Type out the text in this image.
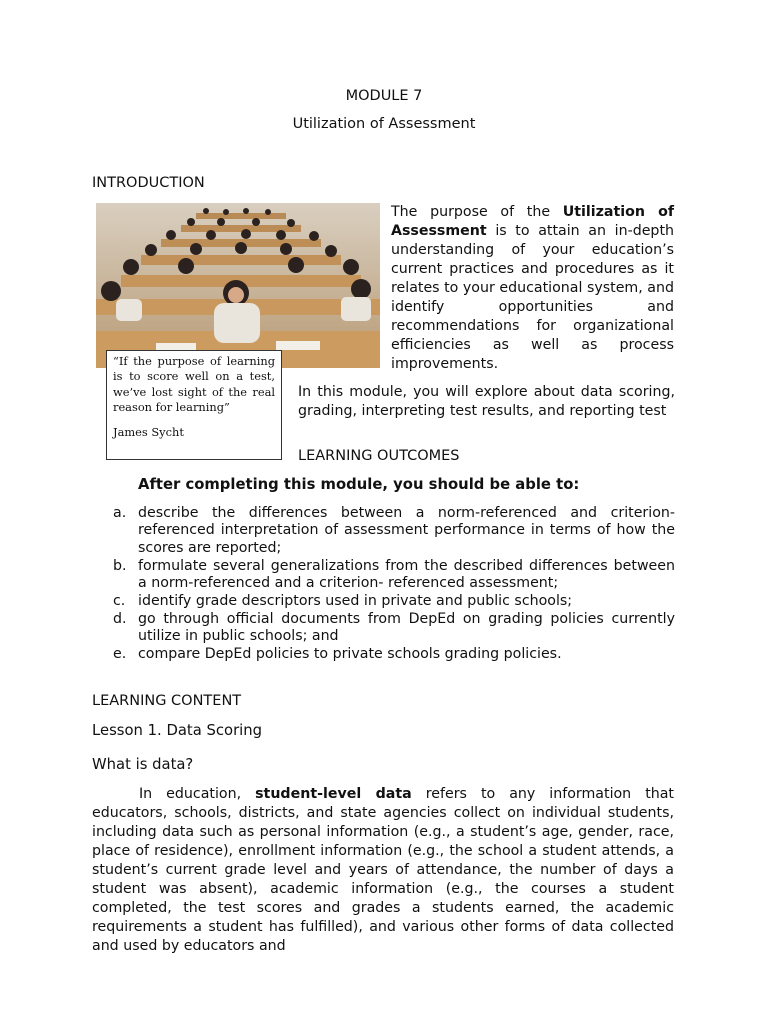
MODULE 7
Utilization of Assessment
INTRODUCTION

“If the purpose of learning is to score well on a test, we’ve lost sight of the real reason for learning”

James Sycht
The purpose of the Utilization of Assessment is to attain an in-depth understanding of your education’s current practices and procedures as it relates to your educational system, and identify opportunities and recommendations for organizational efficiencies as well as process improvements.
In this module, you will explore about data scoring, grading, interpreting test results, and reporting test
LEARNING OUTCOMES
After completing this module, you should be able to:
a. describe the differences between a norm-referenced and criterion-referenced interpretation of assessment performance in terms of how the scores are reported;
b. formulate several generalizations from the described differences between a norm-referenced and a criterion- referenced assessment;
c. identify grade descriptors used in private and public schools;
d. go through official documents from DepEd on grading policies currently utilize in public schools; and
e. compare DepEd policies to private schools grading policies.
LEARNING CONTENT
Lesson 1. Data Scoring
What is data?
In education, student-level data refers to any information that educators, schools, districts, and state agencies collect on individual students, including data such as personal information (e.g., a student’s age, gender, race, place of residence), enrollment information (e.g., the school a student attends, a student’s current grade level and years of attendance, the number of days a student was absent), academic information (e.g., the courses a student completed, the test scores and grades a students earned, the academic requirements a student has fulfilled), and various other forms of data collected and used by educators and
